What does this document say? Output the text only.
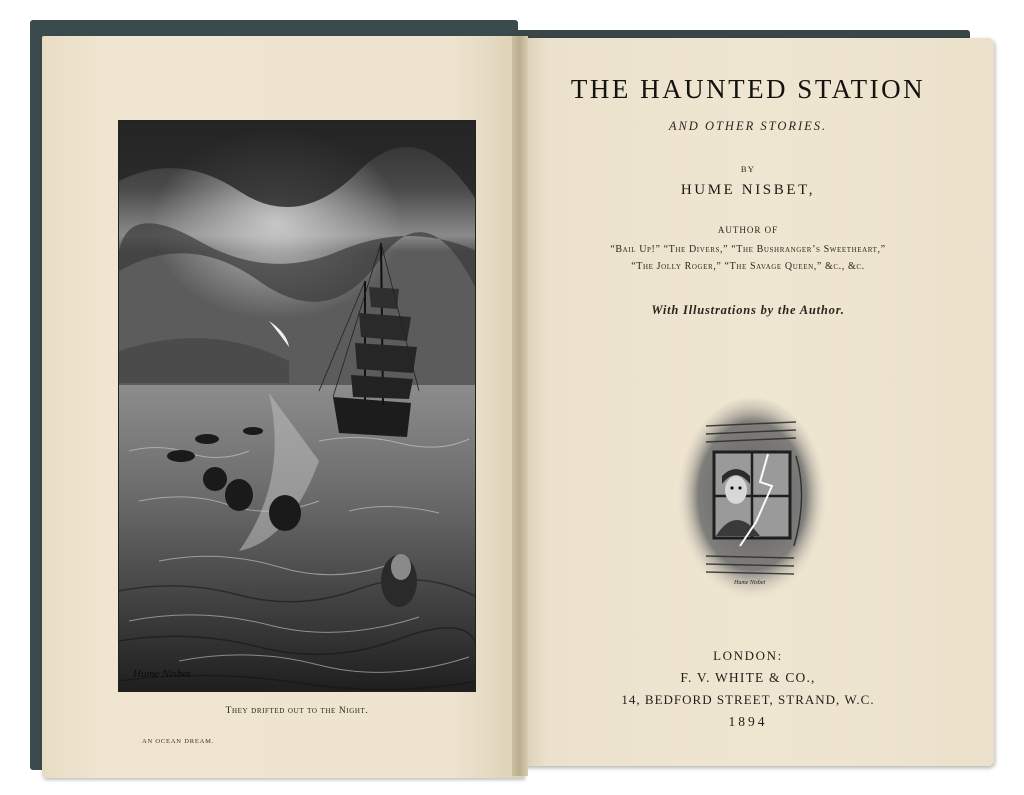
Hume Nisbet
They drifted out to the Night.
AN OCEAN DREAM.
THE HAUNTED STATION
AND OTHER STORIES.
BY
HUME NISBET,
AUTHOR OF
“Bail Up!” “The Divers,” “The Bushranger’s Sweetheart,”
“The Jolly Roger,” “The Savage Queen,” &c., &c.
With Illustrations by the Author.
Hume Nisbet
LONDON:
F. V. WHITE & CO.,
14, BEDFORD STREET, STRAND, W.C.
1894
